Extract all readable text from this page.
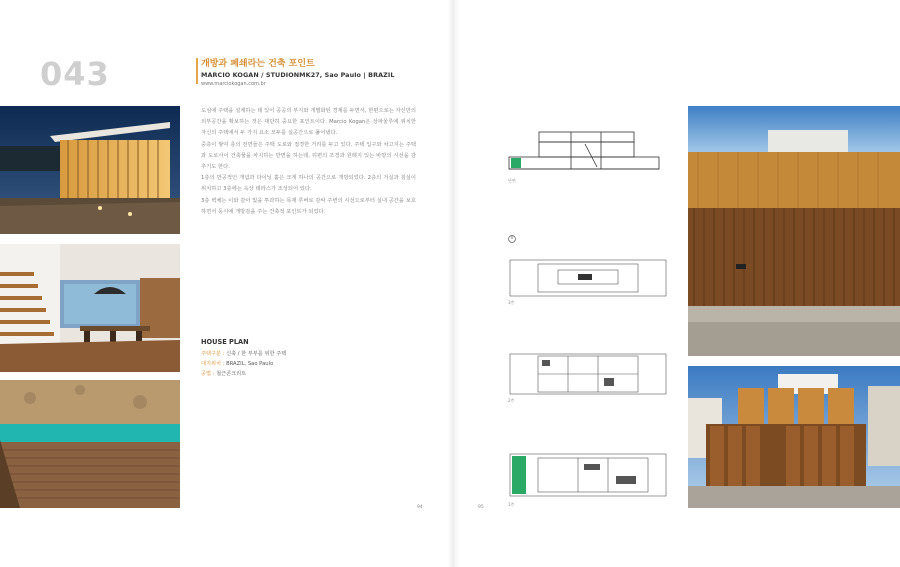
043	개방과 폐쇄라는 건축 포인트
MARCIO KOGAN / STUDIONMK27, Sao Paulo | BRAZIL
www.marciokogan.com.br

도심에 주택을 설계하는 데 있어 공공의 부지와 개별화된 경계를 두면서, 한편으로는 자신만의 외부공간을 확보하는 것은 대단히 중요한 포인트이다. Marcio Kogan은 상파울루에 위치한 자신의 주택에서 두 가지 요소 모두를 실공간으로 풀어냈다.

중층이 쌓여 층의 전면들은 주택 도로와 접경한 거리를 두고 있다. 주택 입구와 차고지는 주택과 도로사이 건축물을 차지하는 반면을 하는데, 뒤편의 조경과 원래지 있는 바깥의 시선을 감추기도 한다.

1층의 반공적인 개념과 다이닝 홀은 크게 하나의 공간으로 개방되었다. 2층의 거실과 침실이 위치하고 3층에는 옥상 테라스가 조성되어 있다.

3층 벽체는 이와 같이 빛을 투과하는 목재 루버로 감싸 주변의 시선으로부터 실내 공간을 보호하면서 동시에 개방감을 주는 건축적 포인트가 되었다.

HOUSE PLAN
주택구분 : 신축 / 한 부부를 위한 주택
대지위치 : BRAZIL, Sao Paulo
공법 : 철근콘크리트
단면
3층
2층
1층
94	95
